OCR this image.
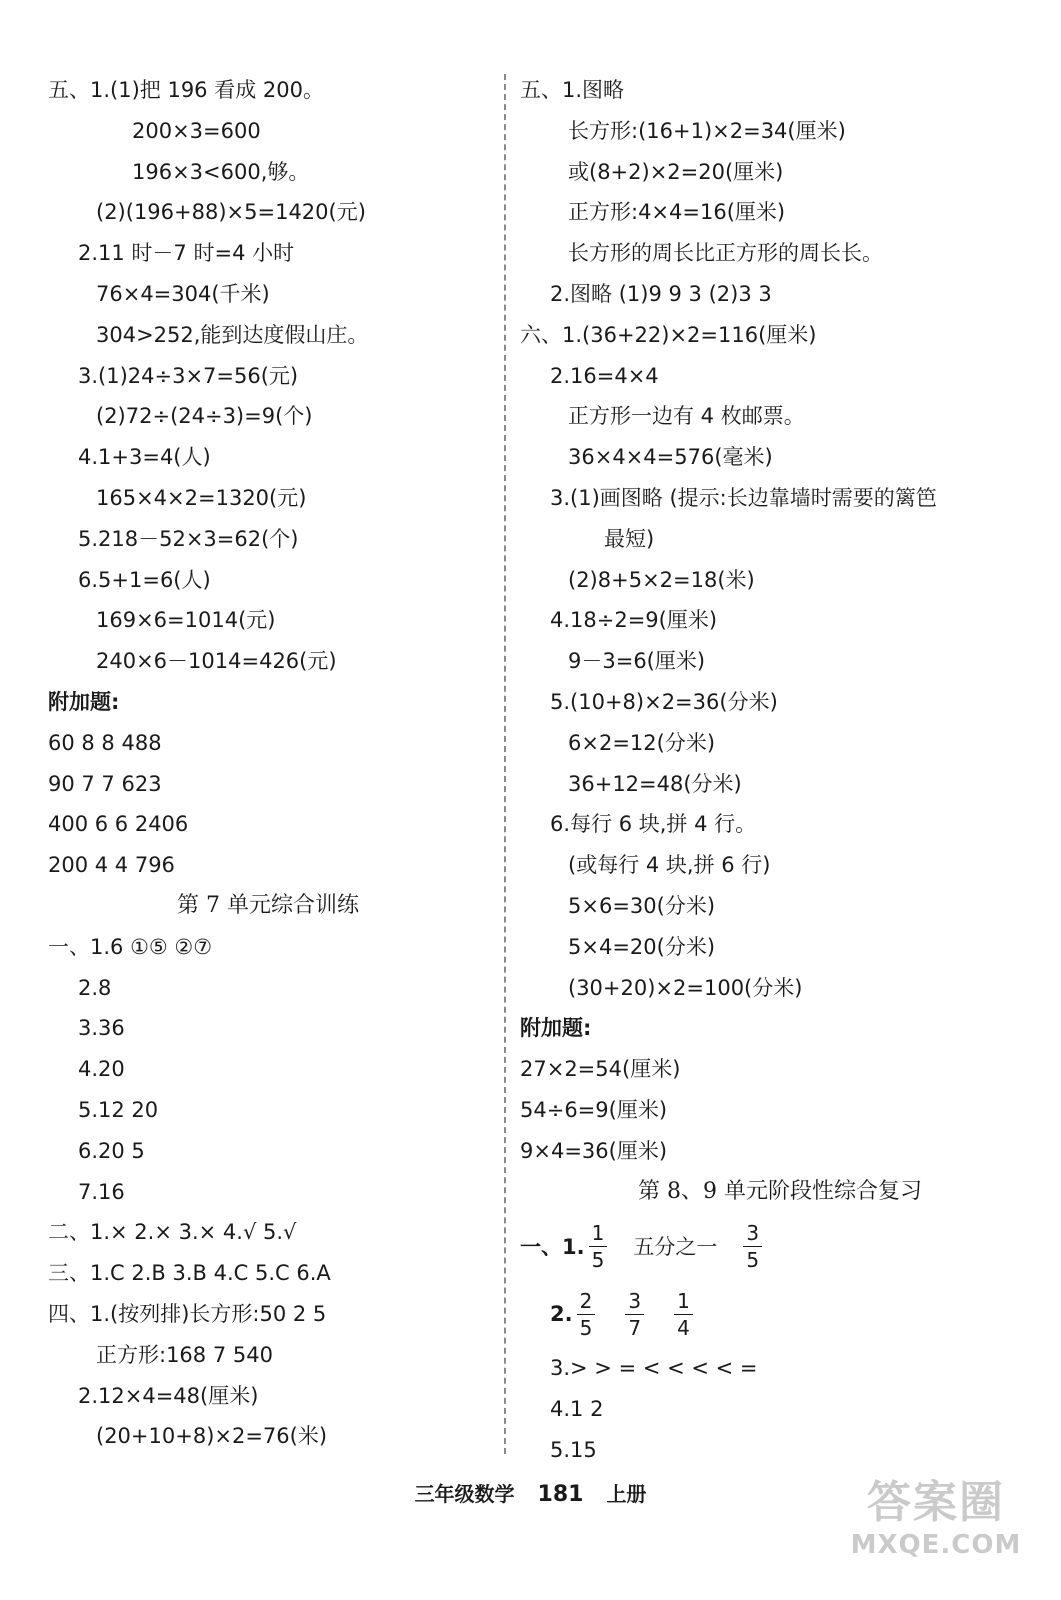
五、1.(1)把 196 看成 200。
200×3=600
196×3<600,够。
(2)(196+88)×5=1420(元)
2.11 时－7 时=4 小时
76×4=304(千米)
304>252,能到达度假山庄。
3.(1)24÷3×7=56(元)
(2)72÷(24÷3)=9(个)
4.1+3=4(人)
165×4×2=1320(元)
5.218－52×3=62(个)
6.5+1=6(人)
169×6=1014(元)
240×6－1014=426(元)
附加题:
60 8 8 488
90 7 7 623
400 6 6 2406
200 4 4 796
第 7 单元综合训练
一、1.6 ①⑤ ②⑦
2.8
3.36
4.20
5.12 20
6.20 5
7.16
二、1.× 2.× 3.× 4.√ 5.√
三、1.C 2.B 3.B 4.C 5.C 6.A
四、1.(按列排)长方形:50 2 5
正方形:168 7 540
2.12×4=48(厘米)
(20+10+8)×2=76(米)
五、1.图略
长方形:(16+1)×2=34(厘米)
或(8+2)×2=20(厘米)
正方形:4×4=16(厘米)
长方形的周长比正方形的周长长。
2.图略 (1)9 9 3 (2)3 3
六、1.(36+22)×2=116(厘米)
2.16=4×4
正方形一边有 4 枚邮票。
36×4×4=576(毫米)
3.(1)画图略 (提示:长边靠墙时需要的篱笆
最短)
(2)8+5×2=18(米)
4.18÷2=9(厘米)
9－3=6(厘米)
5.(10+8)×2=36(分米)
6×2=12(分米)
36+12=48(分米)
6.每行 6 块,拼 4 行。
(或每行 4 块,拼 6 行)
5×6=30(分米)
5×4=20(分米)
(30+20)×2=100(分米)
附加题:
27×2=54(厘米)
54÷6=9(厘米)
9×4=36(厘米)
第 8、9 单元阶段性综合复习
一、1. $\frac{1}{5}$ 五分之一 $\frac{3}{5}$
2. $\frac{2}{5} \frac{3}{7} \frac{1}{4}$
3.> > = < < < < =
4.1 2
5.15
三年级数学 181 上册	答案圈
MXQE.COM
